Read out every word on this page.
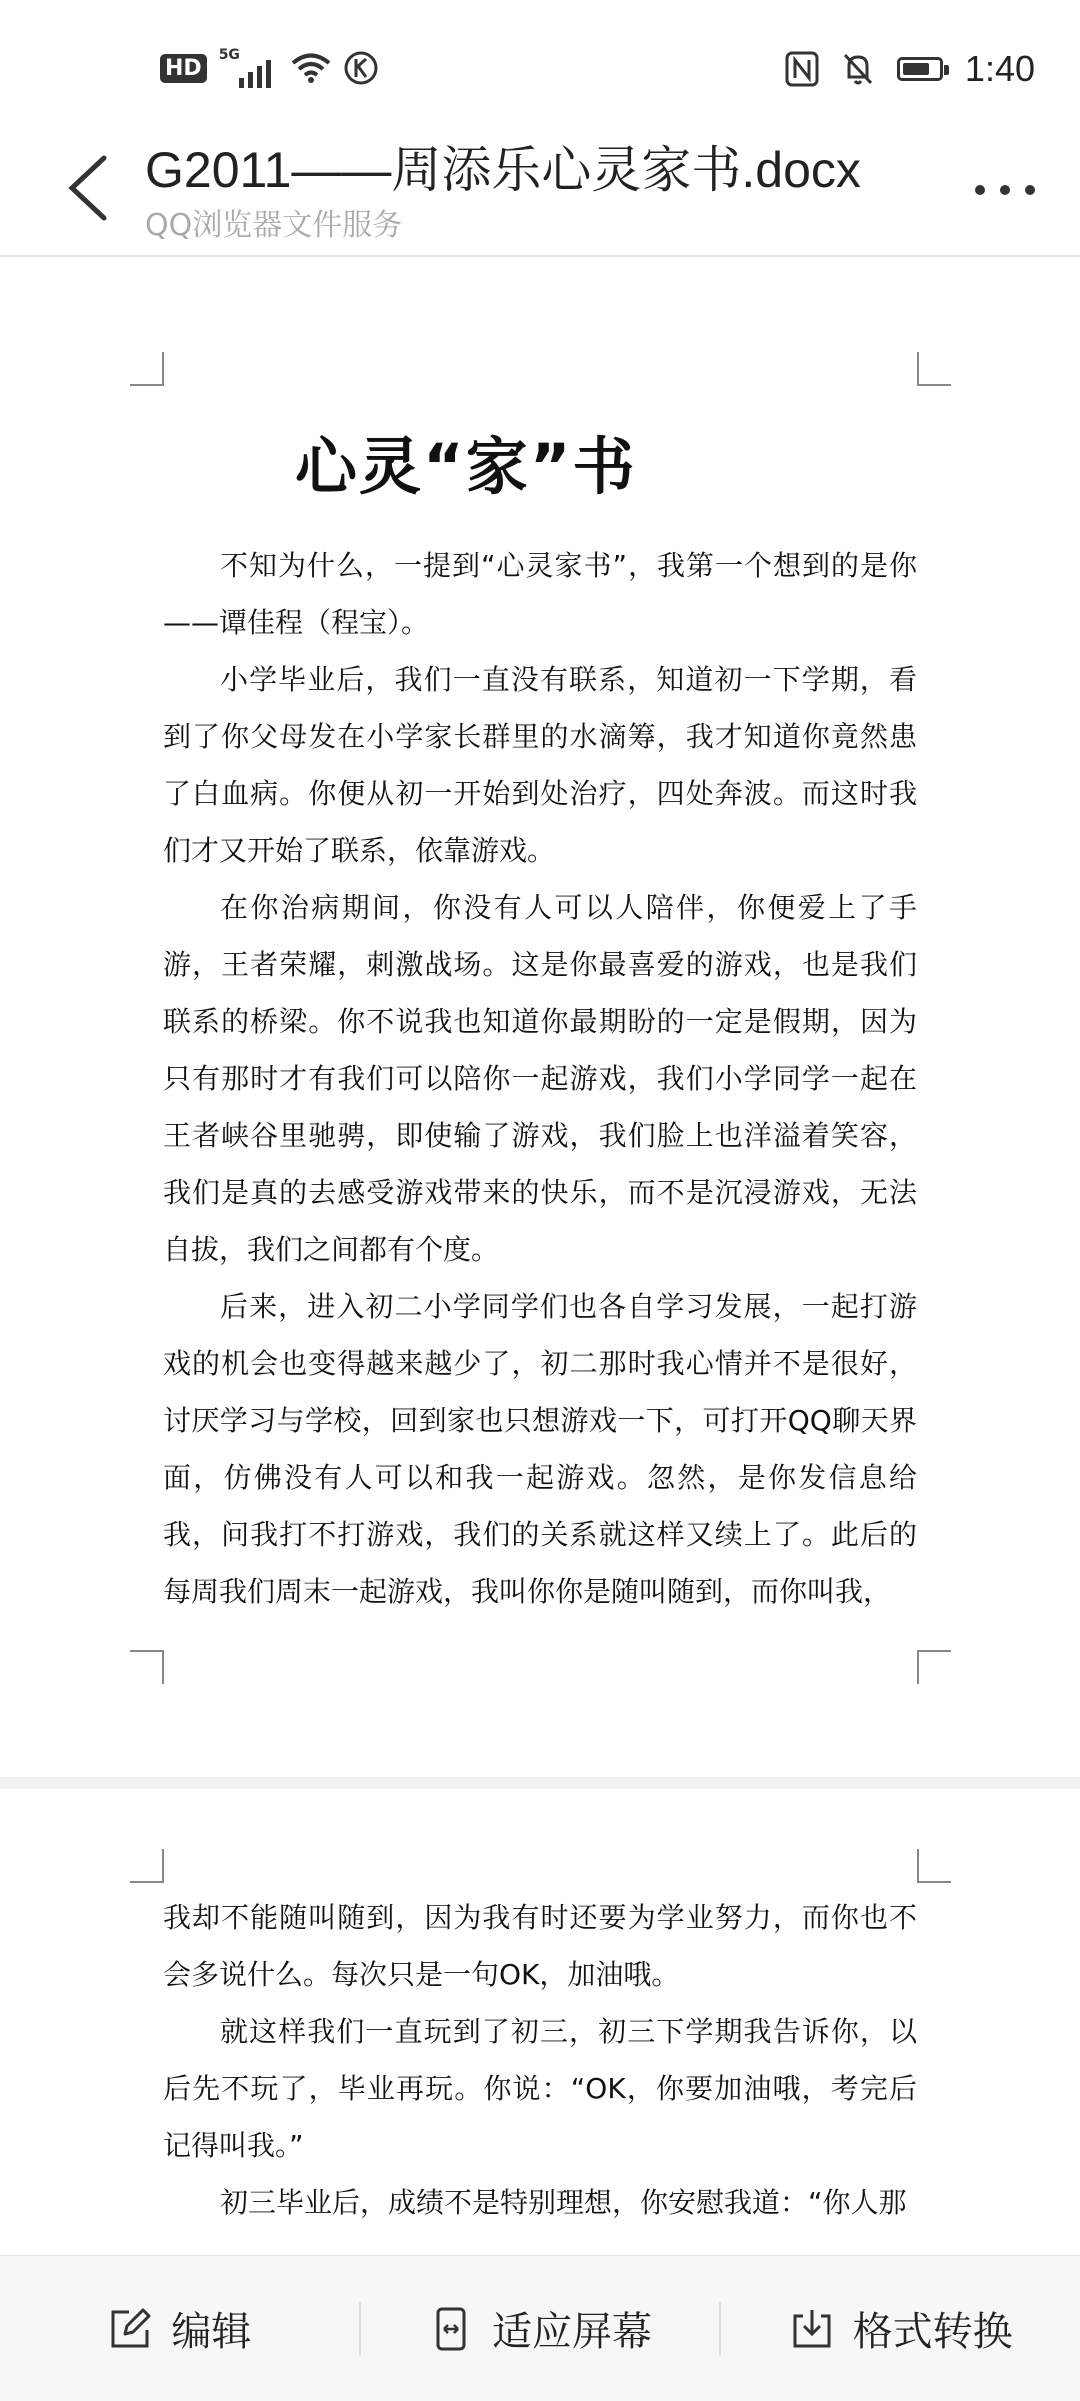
HD
5G	1:40
G2011——周添乐心灵家书.docx
QQ浏览器文件服务
心灵“家”书

不知为什么，一提到“心灵家书”，我第一个想到的是你——谭佳程（程宝）。

小学毕业后，我们一直没有联系，知道初一下学期，看到了你父母发在小学家长群里的水滴筹，我才知道你竟然患了白血病。你便从初一开始到处治疗，四处奔波。而这时我们才又开始了联系，依靠游戏。

在你治病期间，你没有人可以人陪伴，你便爱上了手游，王者荣耀，刺激战场。这是你最喜爱的游戏，也是我们联系的桥梁。你不说我也知道你最期盼的一定是假期，因为只有那时才有我们可以陪你一起游戏，我们小学同学一起在王者峡谷里驰骋，即使输了游戏，我们脸上也洋溢着笑容，我们是真的去感受游戏带来的快乐，而不是沉浸游戏，无法自拔，我们之间都有个度。

后来，进入初二小学同学们也各自学习发展，一起打游戏的机会也变得越来越少了，初二那时我心情并不是很好，讨厌学习与学校，回到家也只想游戏一下，可打开QQ聊天界面，仿佛没有人可以和我一起游戏。忽然，是你发信息给我，问我打不打游戏，我们的关系就这样又续上了。此后的每周我们周末一起游戏，我叫你你是随叫随到，而你叫我，

我却不能随叫随到，因为我有时还要为学业努力，而你也不会多说什么。每次只是一句OK，加油哦。

就这样我们一直玩到了初三，初三下学期我告诉你，以后先不玩了，毕业再玩。你说：“OK，你要加油哦，考完后记得叫我。”

初三毕业后，成绩不是特别理想，你安慰我道：“你人那

编辑	适应屏幕	格式转换
